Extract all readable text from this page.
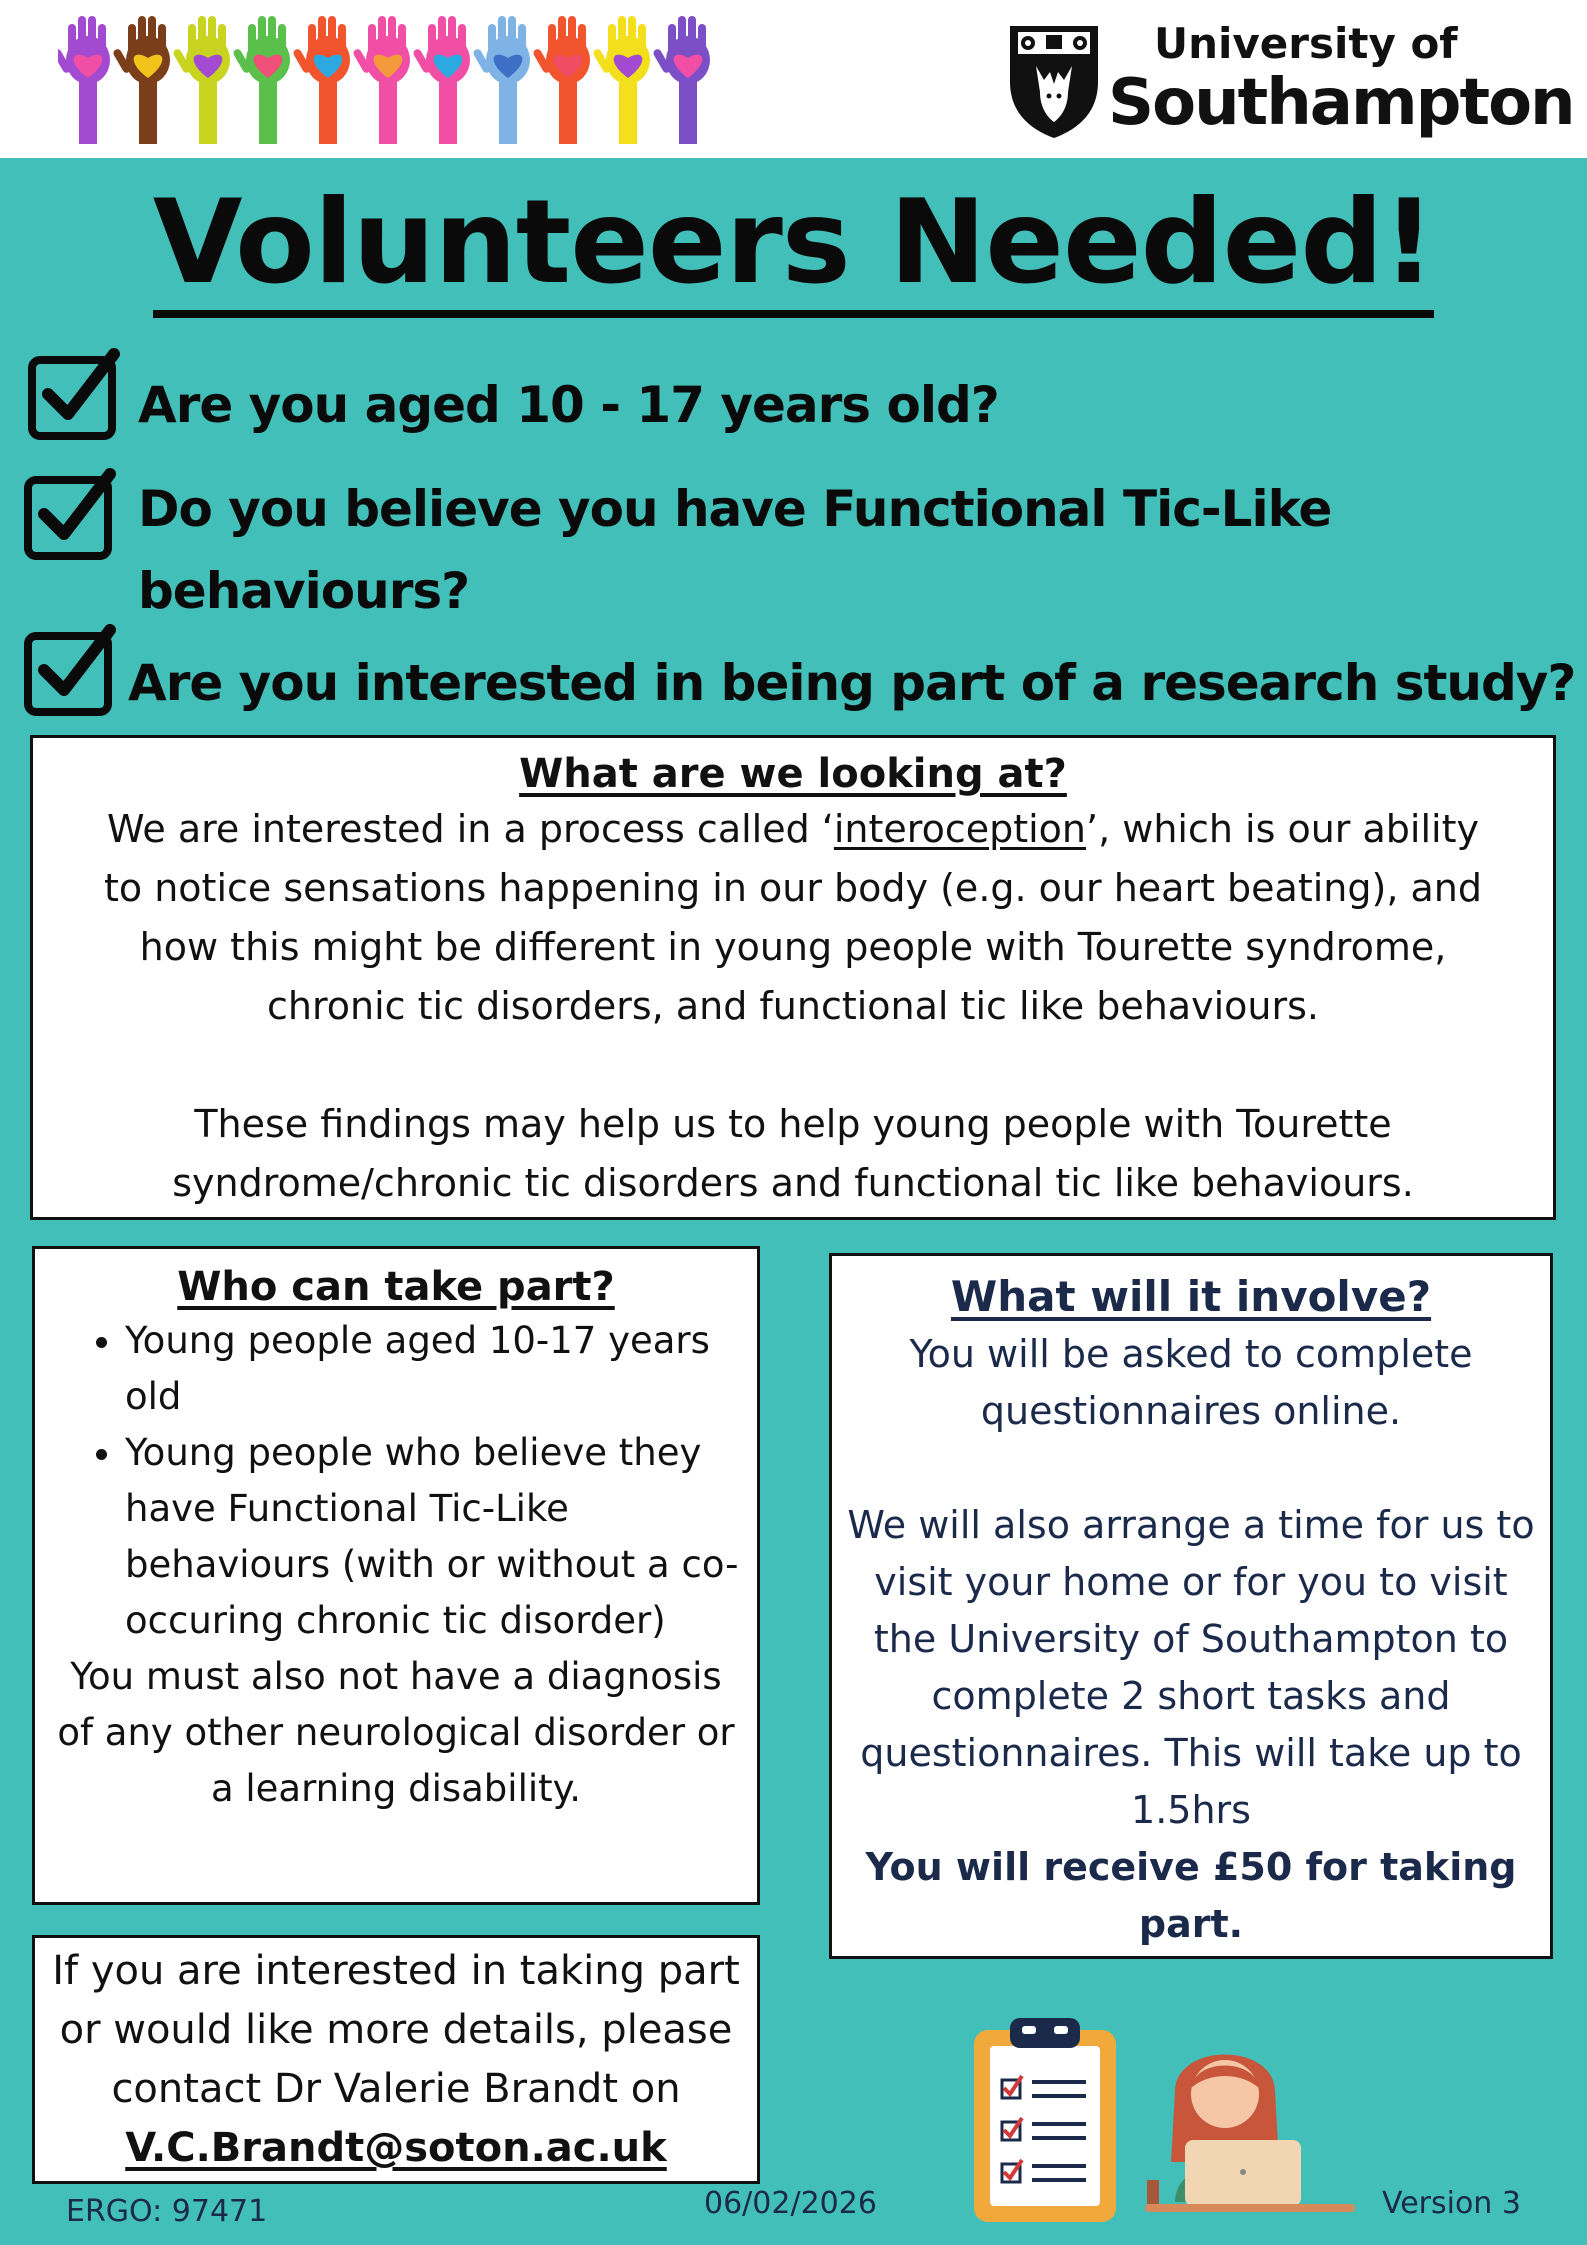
University of
Southampton
Volunteers Needed!
Are you aged 10 - 17 years old?
Do you believe you have Functional Tic-Like
behaviours?
Are you interested in being part of a research study?
What are we looking at?

We are interested in a process called ‘interoception’, which is our ability

to notice sensations happening in our body (e.g. our heart beating), and

how this might be different in young people with Tourette syndrome,

chronic tic disorders, and functional tic like behaviours.

These findings may help us to help young people with Tourette

syndrome/chronic tic disorders and functional tic like behaviours.

Who can take part?
• Young people aged 10-17 years old
• Young people who believe they have Functional Tic-Like behaviours (with or without a co-occuring chronic tic disorder)

You must also not have a diagnosis of any other neurological disorder or a learning disability.

What will it involve?

You will be asked to complete

questionnaires online.

We will also arrange a time for us to

visit your home or for you to visit

the University of Southampton to

complete 2 short tasks and

questionnaires. This will take up to

1.5hrs

You will receive £50 for taking

part.

If you are interested in taking part

or would like more details, please

contact Dr Valerie Brandt on

V.C.Brandt@soton.ac.uk

ERGO: 97471	06/02/2026	Version 3
